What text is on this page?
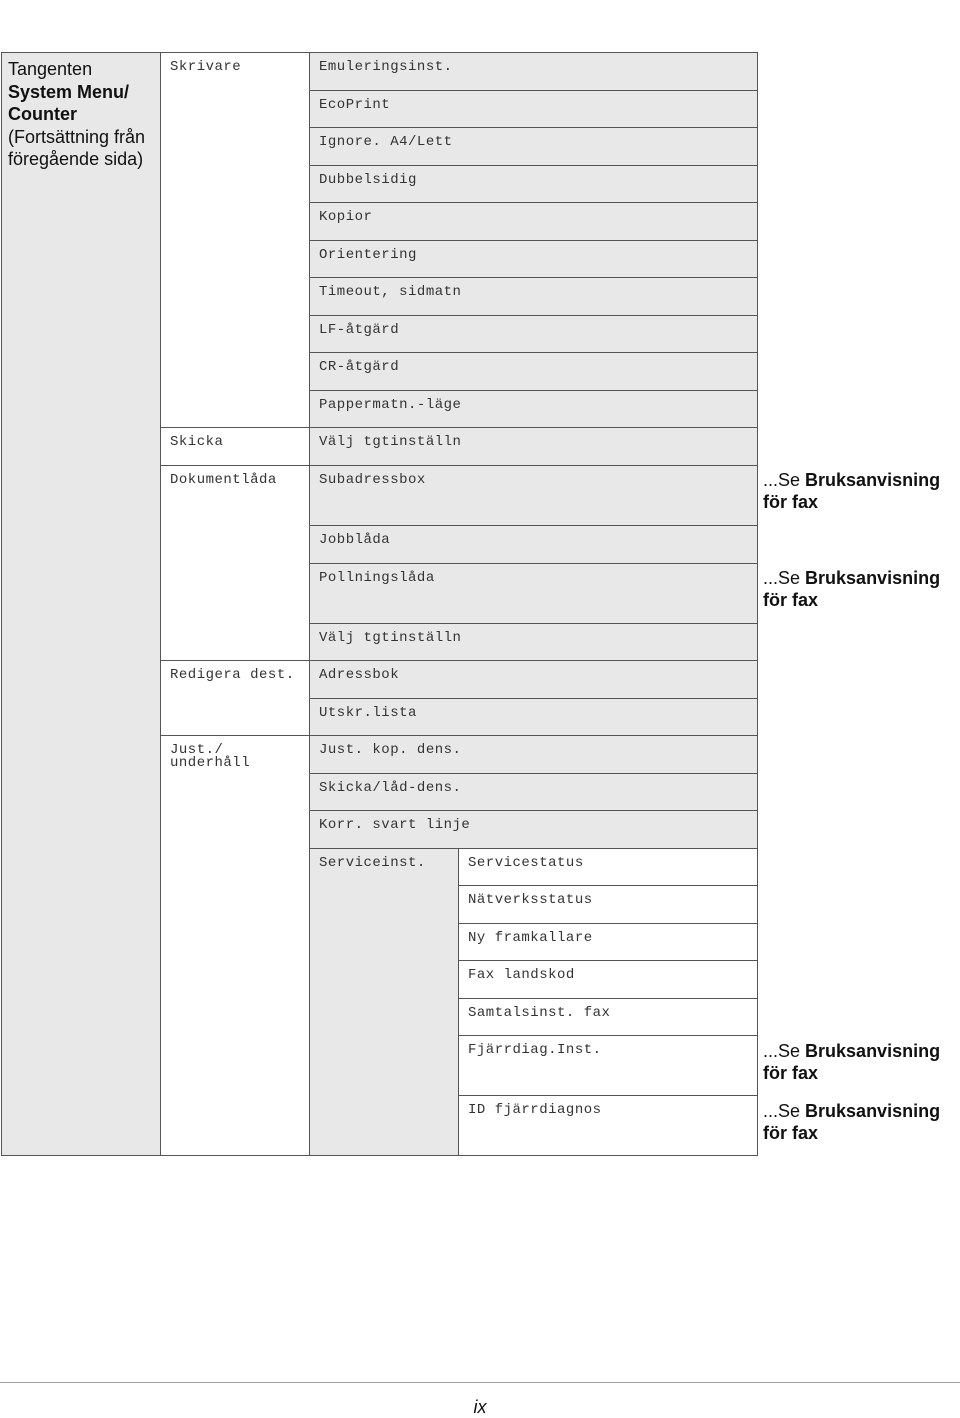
Tangenten
System Menu/ Counter
(Fortsättning från föregående sida)
Skrivare
Skicka
Dokumentlåda
Redigera dest.
Just./ underhåll
Emuleringsinst.
EcoPrint
Ignore. A4/Lett
Dubbelsidig
Kopior
Orientering
Timeout, sidmatn
LF-åtgärd
CR-åtgärd
Pappermatn.-läge
Välj tgtinställn
Subadressbox
Jobblåda
Pollningslåda
Välj tgtinställn
Adressbok
Utskr.lista
Just. kop. dens.
Skicka/låd-dens.
Korr. svart linje
Serviceinst.	Servicestatus
Nätverksstatus
Ny framkallare
Fax landskod
Samtalsinst. fax
Fjärrdiag.Inst.
ID fjärrdiagnos
...Se Bruksanvisning för fax
...Se Bruksanvisning för fax
...Se Bruksanvisning för fax
...Se Bruksanvisning för fax
ix
